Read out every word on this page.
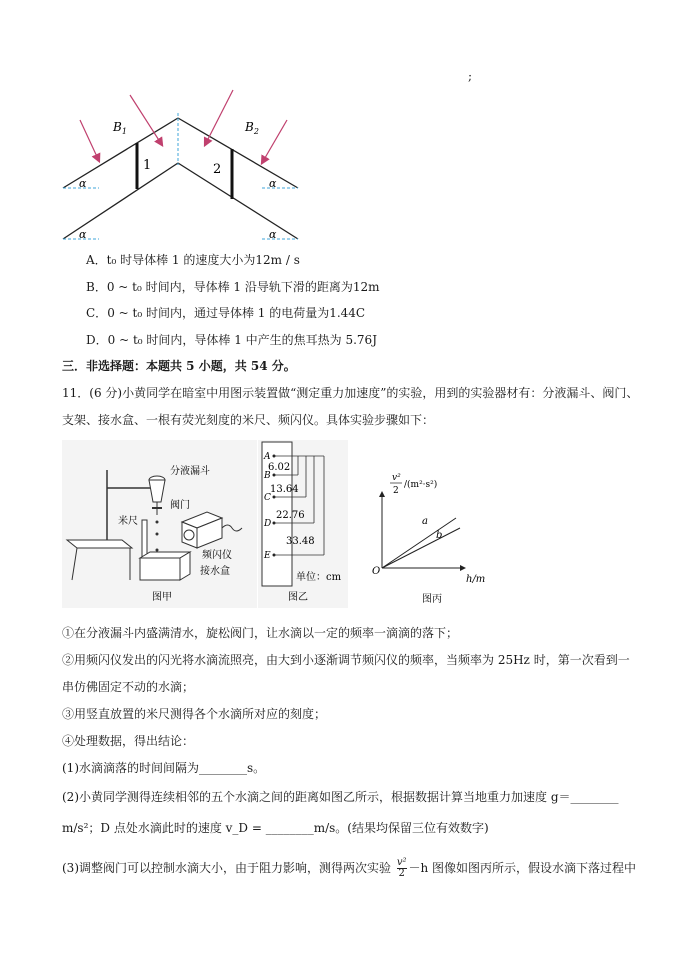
;
$B_1$	$B_2$
1	2
α	α
α	α
A．t₀ 时导体棒 1 的速度大小为12m / s
B．0 ~ t₀ 时间内，导体棒 1 沿导轨下滑的距离为12m
C．0 ~ t₀ 时间内，通过导体棒 1 的电荷量为1.44C
D．0 ~ t₀ 时间内，导体棒 1 中产生的焦耳热为 5.76J
三．非选择题：本题共 5 小题，共 54 分。
11．(6 分)小黄同学在暗室中用图示装置做“测定重力加速度”的实验，用到的实验器材有：分液漏斗、阀门、
支架、接水盒、一根有荧光刻度的米尺、频闪仪。具体实验步骤如下：
分液漏斗
阀门
米尺
频闪仪
接水盒
图甲
A
B
C
D
E
6.02
13.64
22.76
33.48
单位：cm
图乙
O
a
b
h/m
v²
2
/(m²·s²)
图丙
①在分液漏斗内盛满清水，旋松阀门，让水滴以一定的频率一滴滴的落下；
②用频闪仪发出的闪光将水滴流照亮，由大到小逐渐调节频闪仪的频率，当频率为 25Hz 时，第一次看到一
串仿佛固定不动的水滴；
③用竖直放置的米尺测得各个水滴所对应的刻度；
④处理数据，得出结论：
(1)水滴滴落的时间间隔为________s。
(2)小黄同学测得连续相邻的五个水滴之间的距离如图乙所示，根据数据计算当地重力加速度 g＝________
m/s²；D 点处水滴此时的速度 v_D = ________m/s。(结果均保留三位有效数字)
(3)调整阀门可以控制水滴大小，由于阻力影响，测得两次实验 $\frac{\text{v²}}{2} -h$ 图像如图丙所示，假设水滴下落过程中
